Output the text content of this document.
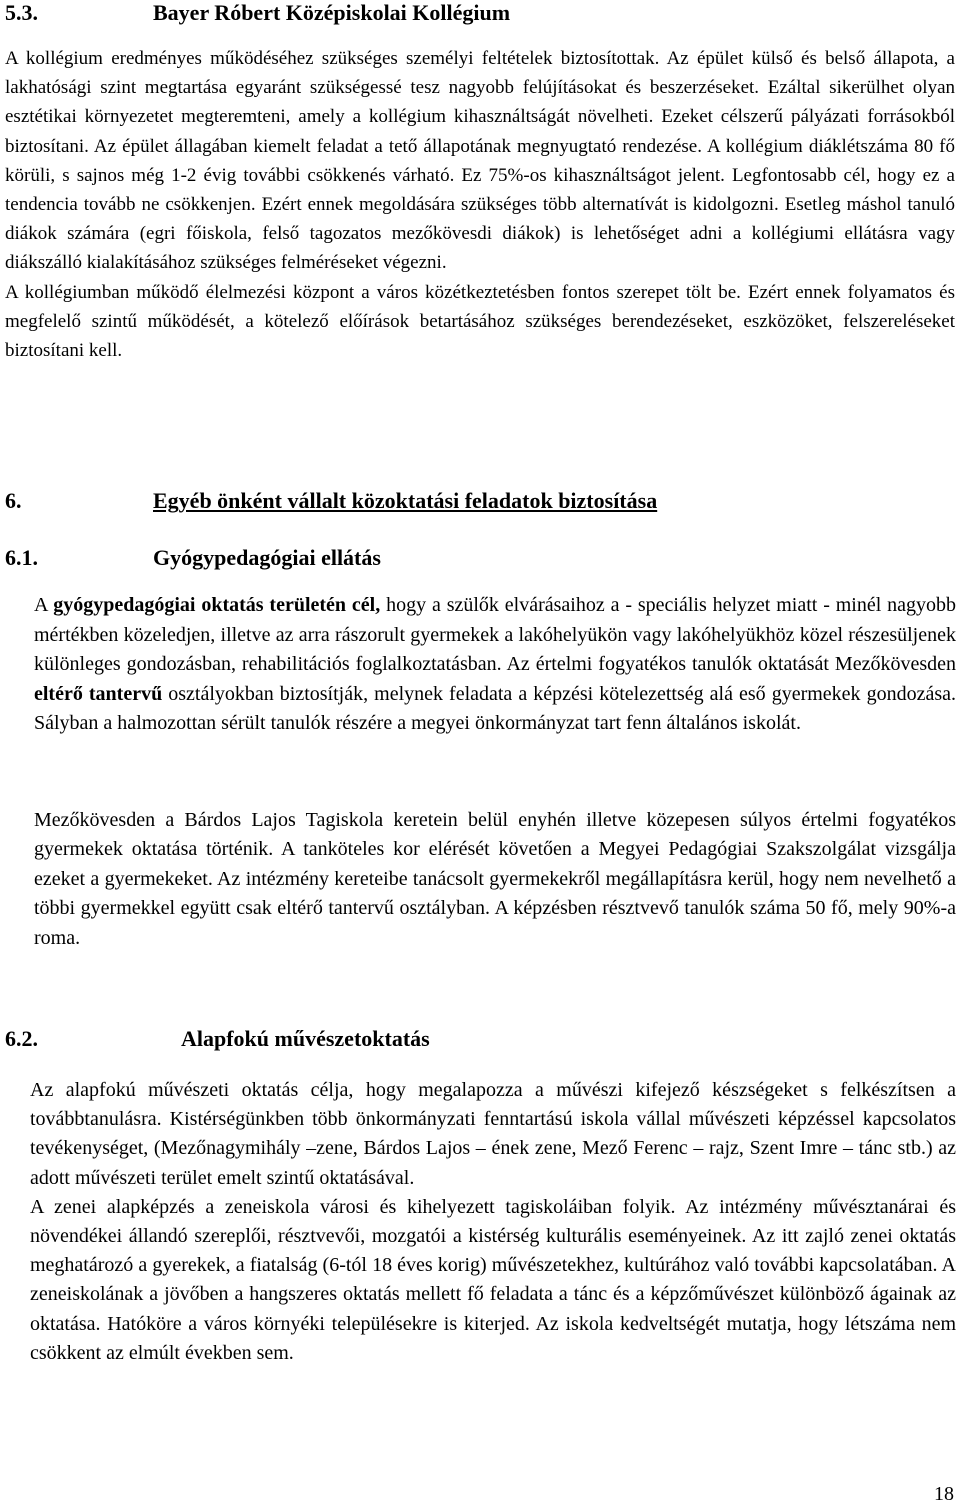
5.3.	Bayer Róbert Középiskolai Kollégium
A kollégium eredményes működéséhez szükséges személyi feltételek biztosítottak. Az épület külső és belső állapota, a lakhatósági szint megtartása egyaránt szükségessé tesz nagyobb felújításokat és beszerzéseket. Ezáltal sikerülhet olyan esztétikai környezetet megteremteni, amely a kollégium kihasználtságát növelheti. Ezeket célszerű pályázati forrásokból biztosítani. Az épület állagában kiemelt feladat a tető állapotának megnyugtató rendezése. A kollégium diáklétszáma 80 fő körüli, s sajnos még 1-2 évig további csökkenés várható. Ez 75%-os kihasználtságot jelent. Legfontosabb cél, hogy ez a tendencia tovább ne csökkenjen. Ezért ennek megoldására szükséges több alternatívát is kidolgozni. Esetleg máshol tanuló diákok számára (egri főiskola, felső tagozatos mezőkövesdi diákok) is lehetőséget adni a kollégiumi ellátásra vagy diákszálló kialakításához szükséges felméréseket végezni.
A kollégiumban működő élelmezési központ a város közétkeztetésben fontos szerepet tölt be. Ezért ennek folyamatos és megfelelő szintű működését, a kötelező előírások betartásához szükséges berendezéseket, eszközöket, felszereléseket biztosítani kell.
6.	Egyéb önként vállalt közoktatási feladatok biztosítása
6.1.	Gyógypedagógiai ellátás
A gyógypedagógiai oktatás területén cél, hogy a szülők elvárásaihoz a - speciális helyzet miatt - minél nagyobb mértékben közeledjen, illetve az arra rászorult gyermekek a lakóhelyükön vagy lakóhelyükhöz közel részesüljenek különleges gondozásban, rehabilitációs foglalkoztatásban. Az értelmi fogyatékos tanulók oktatását Mezőkövesden eltérő tantervű osztályokban biztosítják, melynek feladata a képzési kötelezettség alá eső gyermekek gondozása. Sályban a halmozottan sérült tanulók részére a megyei önkormányzat tart fenn általános iskolát.
Mezőkövesden a Bárdos Lajos Tagiskola keretein belül enyhén illetve közepesen súlyos értelmi fogyatékos gyermekek oktatása történik. A tanköteles kor elérését követően a Megyei Pedagógiai Szakszolgálat vizsgálja ezeket a gyermekeket. Az intézmény kereteibe tanácsolt gyermekekről megállapításra kerül, hogy nem nevelhető a többi gyermekkel együtt csak eltérő tantervű osztályban. A képzésben résztvevő tanulók száma 50 fő, mely 90%-a roma.
6.2.	Alapfokú művészetoktatás
Az alapfokú művészeti oktatás célja, hogy megalapozza a művészi kifejező készségeket s felkészítsen a továbbtanulásra. Kistérségünkben több önkormányzati fenntartású iskola vállal művészeti képzéssel kapcsolatos tevékenységet, (Mezőnagymihály –zene, Bárdos Lajos – ének zene, Mező Ferenc – rajz, Szent Imre – tánc stb.) az adott művészeti terület emelt szintű oktatásával.
A zenei alapképzés a zeneiskola városi és kihelyezett tagiskoláiban folyik. Az intézmény művésztanárai és növendékei állandó szereplői, résztvevői, mozgatói a kistérség kulturális eseményeinek. Az itt zajló zenei oktatás meghatározó a gyerekek, a fiatalság (6-tól 18 éves korig) művészetekhez, kultúrához való további kapcsolatában. A zeneiskolának a jövőben a hangszeres oktatás mellett fő feladata a tánc és a képzőművészet különböző ágainak az oktatása. Hatóköre a város környéki településekre is kiterjed. Az iskola kedveltségét mutatja, hogy létszáma nem csökkent az elmúlt években sem.
18
